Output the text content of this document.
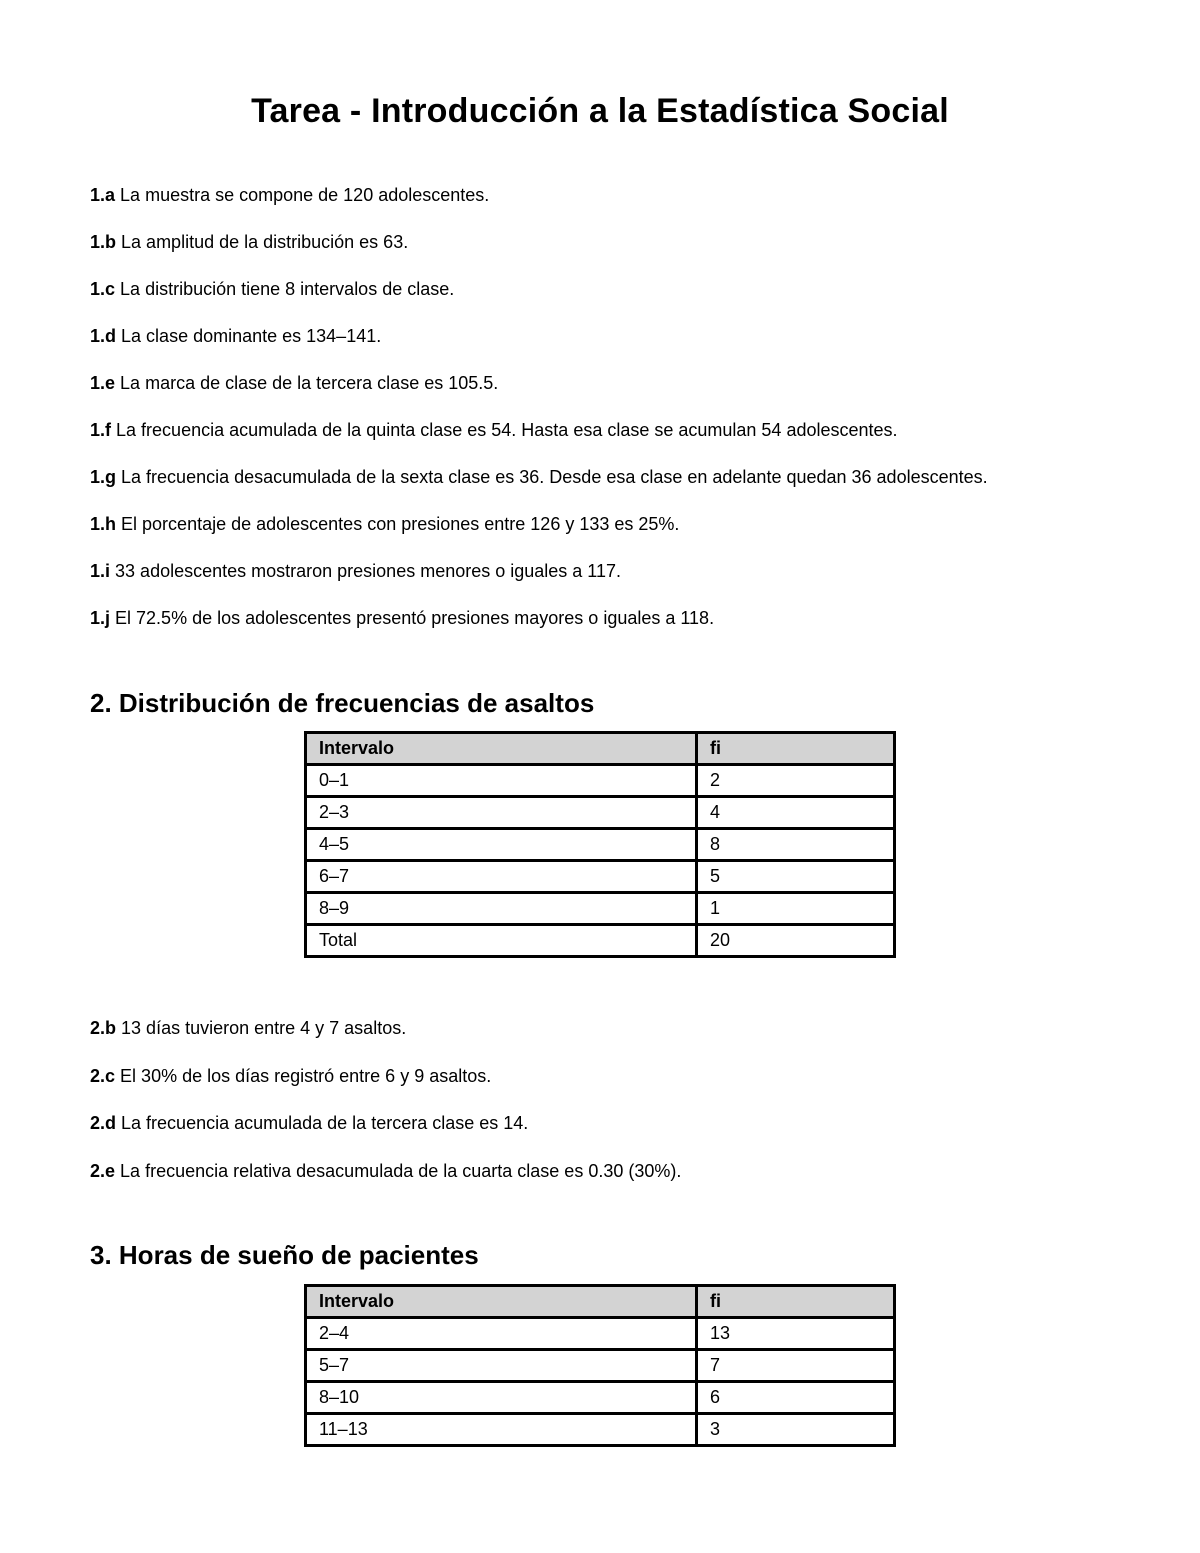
Tarea - Introducción a la Estadística Social
1.a La muestra se compone de 120 adolescentes.
1.b La amplitud de la distribución es 63.
1.c La distribución tiene 8 intervalos de clase.
1.d La clase dominante es 134–141.
1.e La marca de clase de la tercera clase es 105.5.
1.f La frecuencia acumulada de la quinta clase es 54. Hasta esa clase se acumulan 54 adolescentes.
1.g La frecuencia desacumulada de la sexta clase es 36. Desde esa clase en adelante quedan 36 adolescentes.
1.h El porcentaje de adolescentes con presiones entre 126 y 133 es 25%.
1.i 33 adolescentes mostraron presiones menores o iguales a 117.
1.j El 72.5% de los adolescentes presentó presiones mayores o iguales a 118.
2. Distribución de frecuencias de asaltos
Intervalo	fi
0–1	2
2–3	4
4–5	8
6–7	5
8–9	1
Total	20
2.b 13 días tuvieron entre 4 y 7 asaltos.
2.c El 30% de los días registró entre 6 y 9 asaltos.
2.d La frecuencia acumulada de la tercera clase es 14.
2.e La frecuencia relativa desacumulada de la cuarta clase es 0.30 (30%).
3. Horas de sueño de pacientes
Intervalo	fi
2–4	13
5–7	7
8–10	6
11–13	3
